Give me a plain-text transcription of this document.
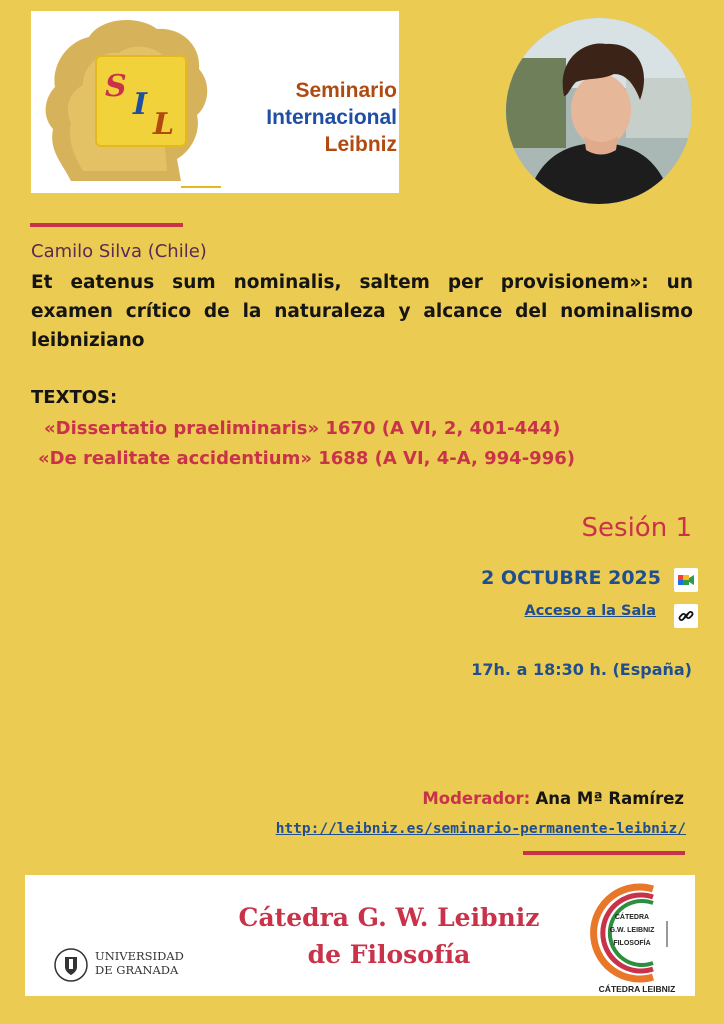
S
I
L
Seminario
Internacional
Leibniz
Camilo Silva (Chile)
Et eatenus sum nominalis, saltem per provisionem»: un examen crítico de la naturaleza y alcance del nominalismo leibniziano
TEXTOS:
«Dissertatio praeliminaris» 1670 (A VI, 2, 401-444)
«De realitate accidentium» 1688 (A VI, 4-A, 994-996)
Sesión 1
2 OCTUBRE 2025
Acceso a la Sala
17h. a 18:30 h. (España)
Moderador: Ana Mª Ramírez
http://leibniz.es/seminario-permanente-leibniz/
UNIVERSIDAD
DE GRANADA
Cátedra G. W. Leibniz
de Filosofía
CÁTEDRA
G.W. LEIBNIZ
FILOSOFÍA
CÁTEDRA LEIBNIZ
